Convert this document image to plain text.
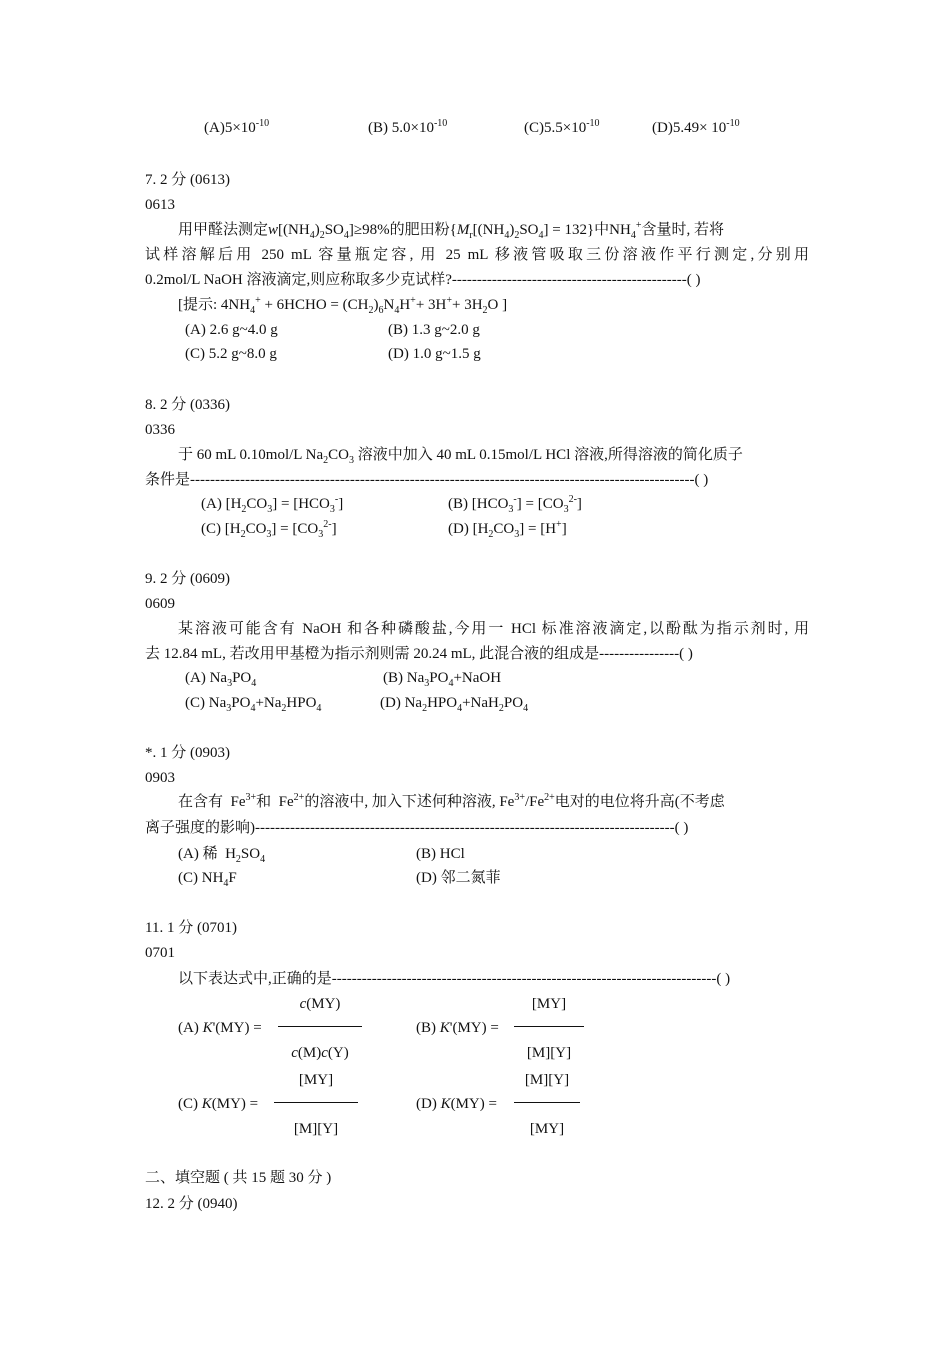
$(A)5\times 10^{-10}$	(B) $5.0\times 10^{-10}$	$(C)5.5\times 10^{-10}$	$(D)5.49\times 10^{-10}$
7. 2 分 (0613)
0613
用甲醛法测定$w[(NH_4)_2SO_4]\ge 98\%$的肥田粉$\{M_r[(NH_4)_2SO_4] = 132\}$中$NH_4^+$含量时, 若将
试样溶解后用 250 mL 容量瓶定容, 用 25 mL 移液管吸取三份溶液作平行测定,分别用
0.2mol/L NaOH 溶液滴定,则应称取多少克试样?-----------------------------------------------( )
[提示: $4NH_4^+$ + 6HCHO = $(CH_2)_6N_4H^++ 3H^++ 3H_2O$ ]
(A) 2.6 g~4.0 g	(B) 1.3 g~2.0 g
(C) 5.2 g~8.0 g	(D) 1.0 g~1.5 g
8. 2 分 (0336)
0336
于 60 mL 0.10mol/L $Na_2CO_3$ 溶液中加入 40 mL 0.15mol/L HCl 溶液,所得溶液的简化质子
条件是-----------------------------------------------------------------------------------------------------( )
(A) $[H_2CO_3] = [HCO_3^-]$	(B) $[HCO_3^-] = [CO_3^{2-}]$
(C) $[H_2CO_3] = [CO_3^{2-}]$	(D) $[H_2CO_3] = [H^+]$
9. 2 分 (0609)
0609
某溶液可能含有 NaOH 和各种磷酸盐,今用一 HCl 标准溶液滴定,以酚酞为指示剂时, 用
去 12.84 mL, 若改用甲基橙为指示剂则需 20.24 mL, 此混合液的组成是----------------( )
(A) $Na_3PO_4$	(B) $Na_3PO_4+NaOH$
(C) $Na_3PO_4+Na_2HPO_4$	(D) $Na_2HPO_4+NaH_2PO_4$
*. 1 分 (0903)
0903
在含有  $Fe^{3+}$和  $Fe^{2+}$的溶液中, 加入下述何种溶液, $Fe^{3+}/Fe^{2+}$电对的电位将升高(不考虑
离子强度的影响)------------------------------------------------------------------------------------( )
(A) 稀  $H_2SO_4$	(B) HCl
(C) $NH_4F$	(D) 邻二氮菲
11. 1 分 (0701)
0701
以下表达式中,正确的是-----------------------------------------------------------------------------( )
(A) K'(MY) =
c(MY)
c(M)c(Y)
(B) K'(MY) =
[MY]
[M][Y]
(C) K(MY) =
[MY]
[M][Y]
(D) K(MY) =
[M][Y]
[MY]
二、填空题 ( 共 15 题 30 分 )
12. 2 分 (0940)
